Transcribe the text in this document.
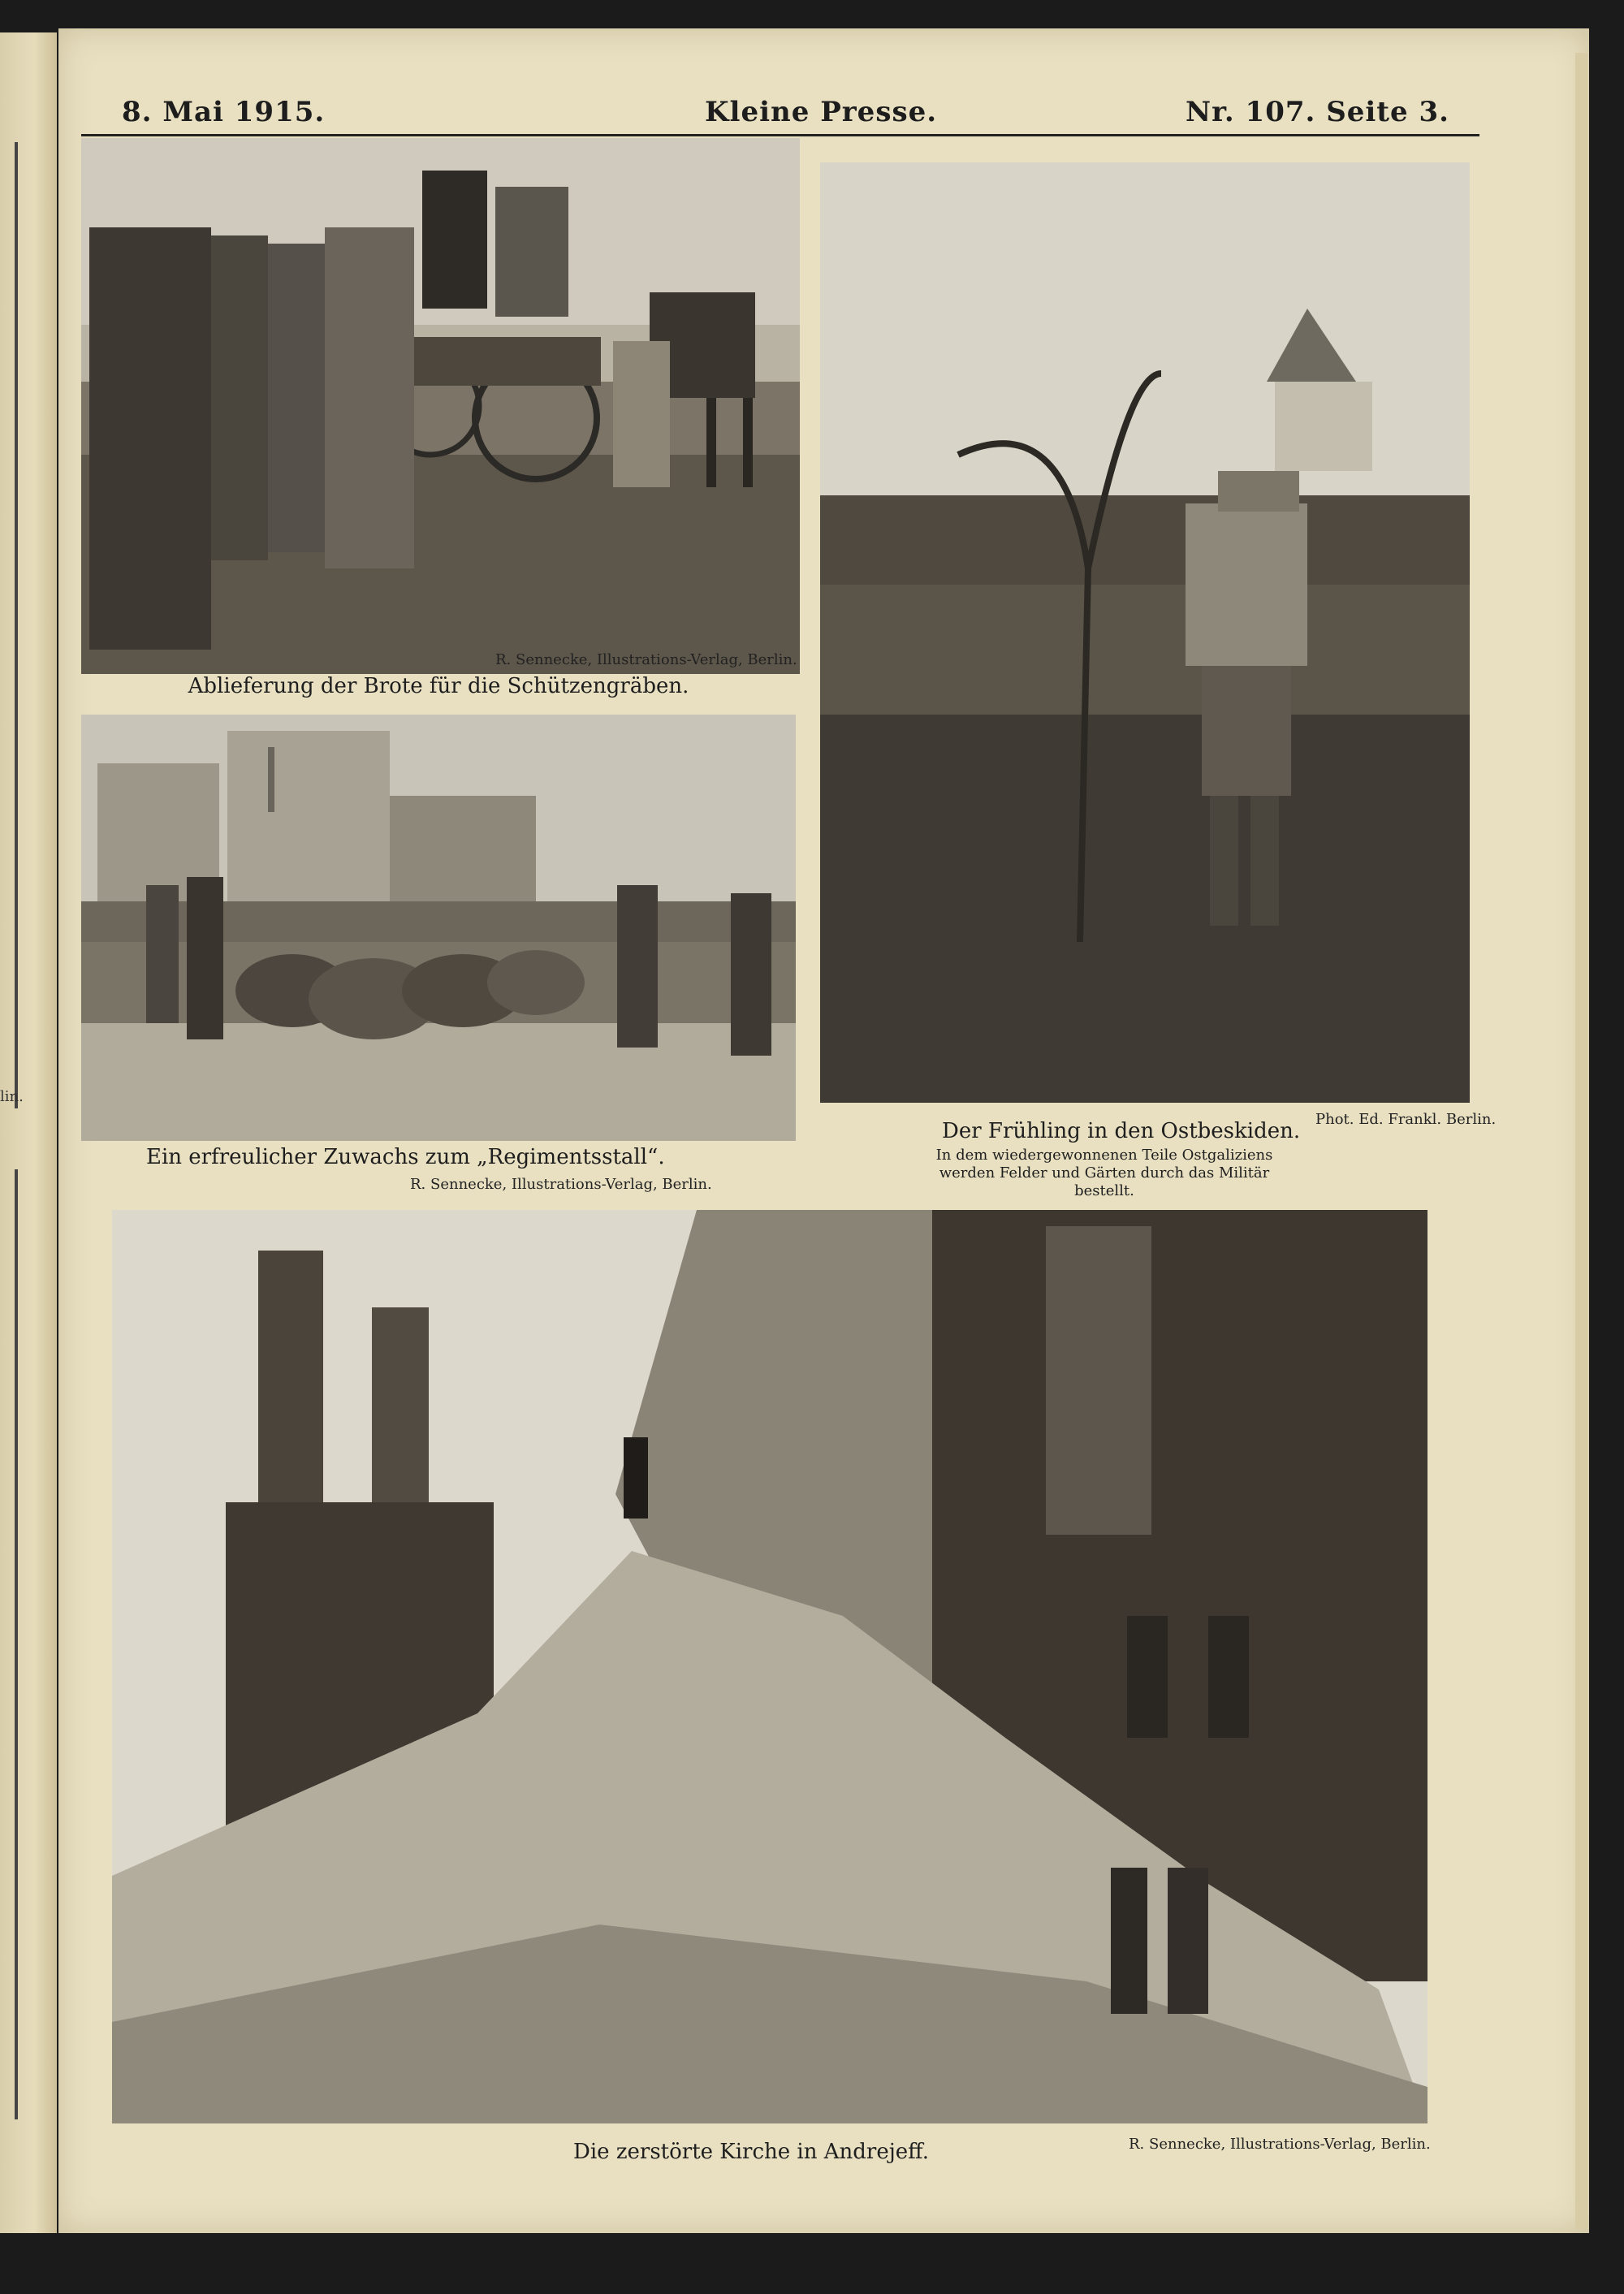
lin.
8. Mai 1915.	Kleine Presse.	Nr. 107. Seite 3.
R. Sennecke, Illustrations-Verlag, Berlin.
Ablieferung der Brote für die Schützengräben.
Ein erfreulicher Zuwachs zum „Regimentsstall“.
R. Sennecke, Illustrations-Verlag, Berlin.
Phot. Ed. Frankl. Berlin.
Der Frühling in den Ostbeskiden.
In dem wiedergewonnenen Teile Ostgaliziens
werden Felder und Gärten durch das Militär
bestellt.
Die zerstörte Kirche in Andrejeff.	R. Sennecke, Illustrations-Verlag, Berlin.
